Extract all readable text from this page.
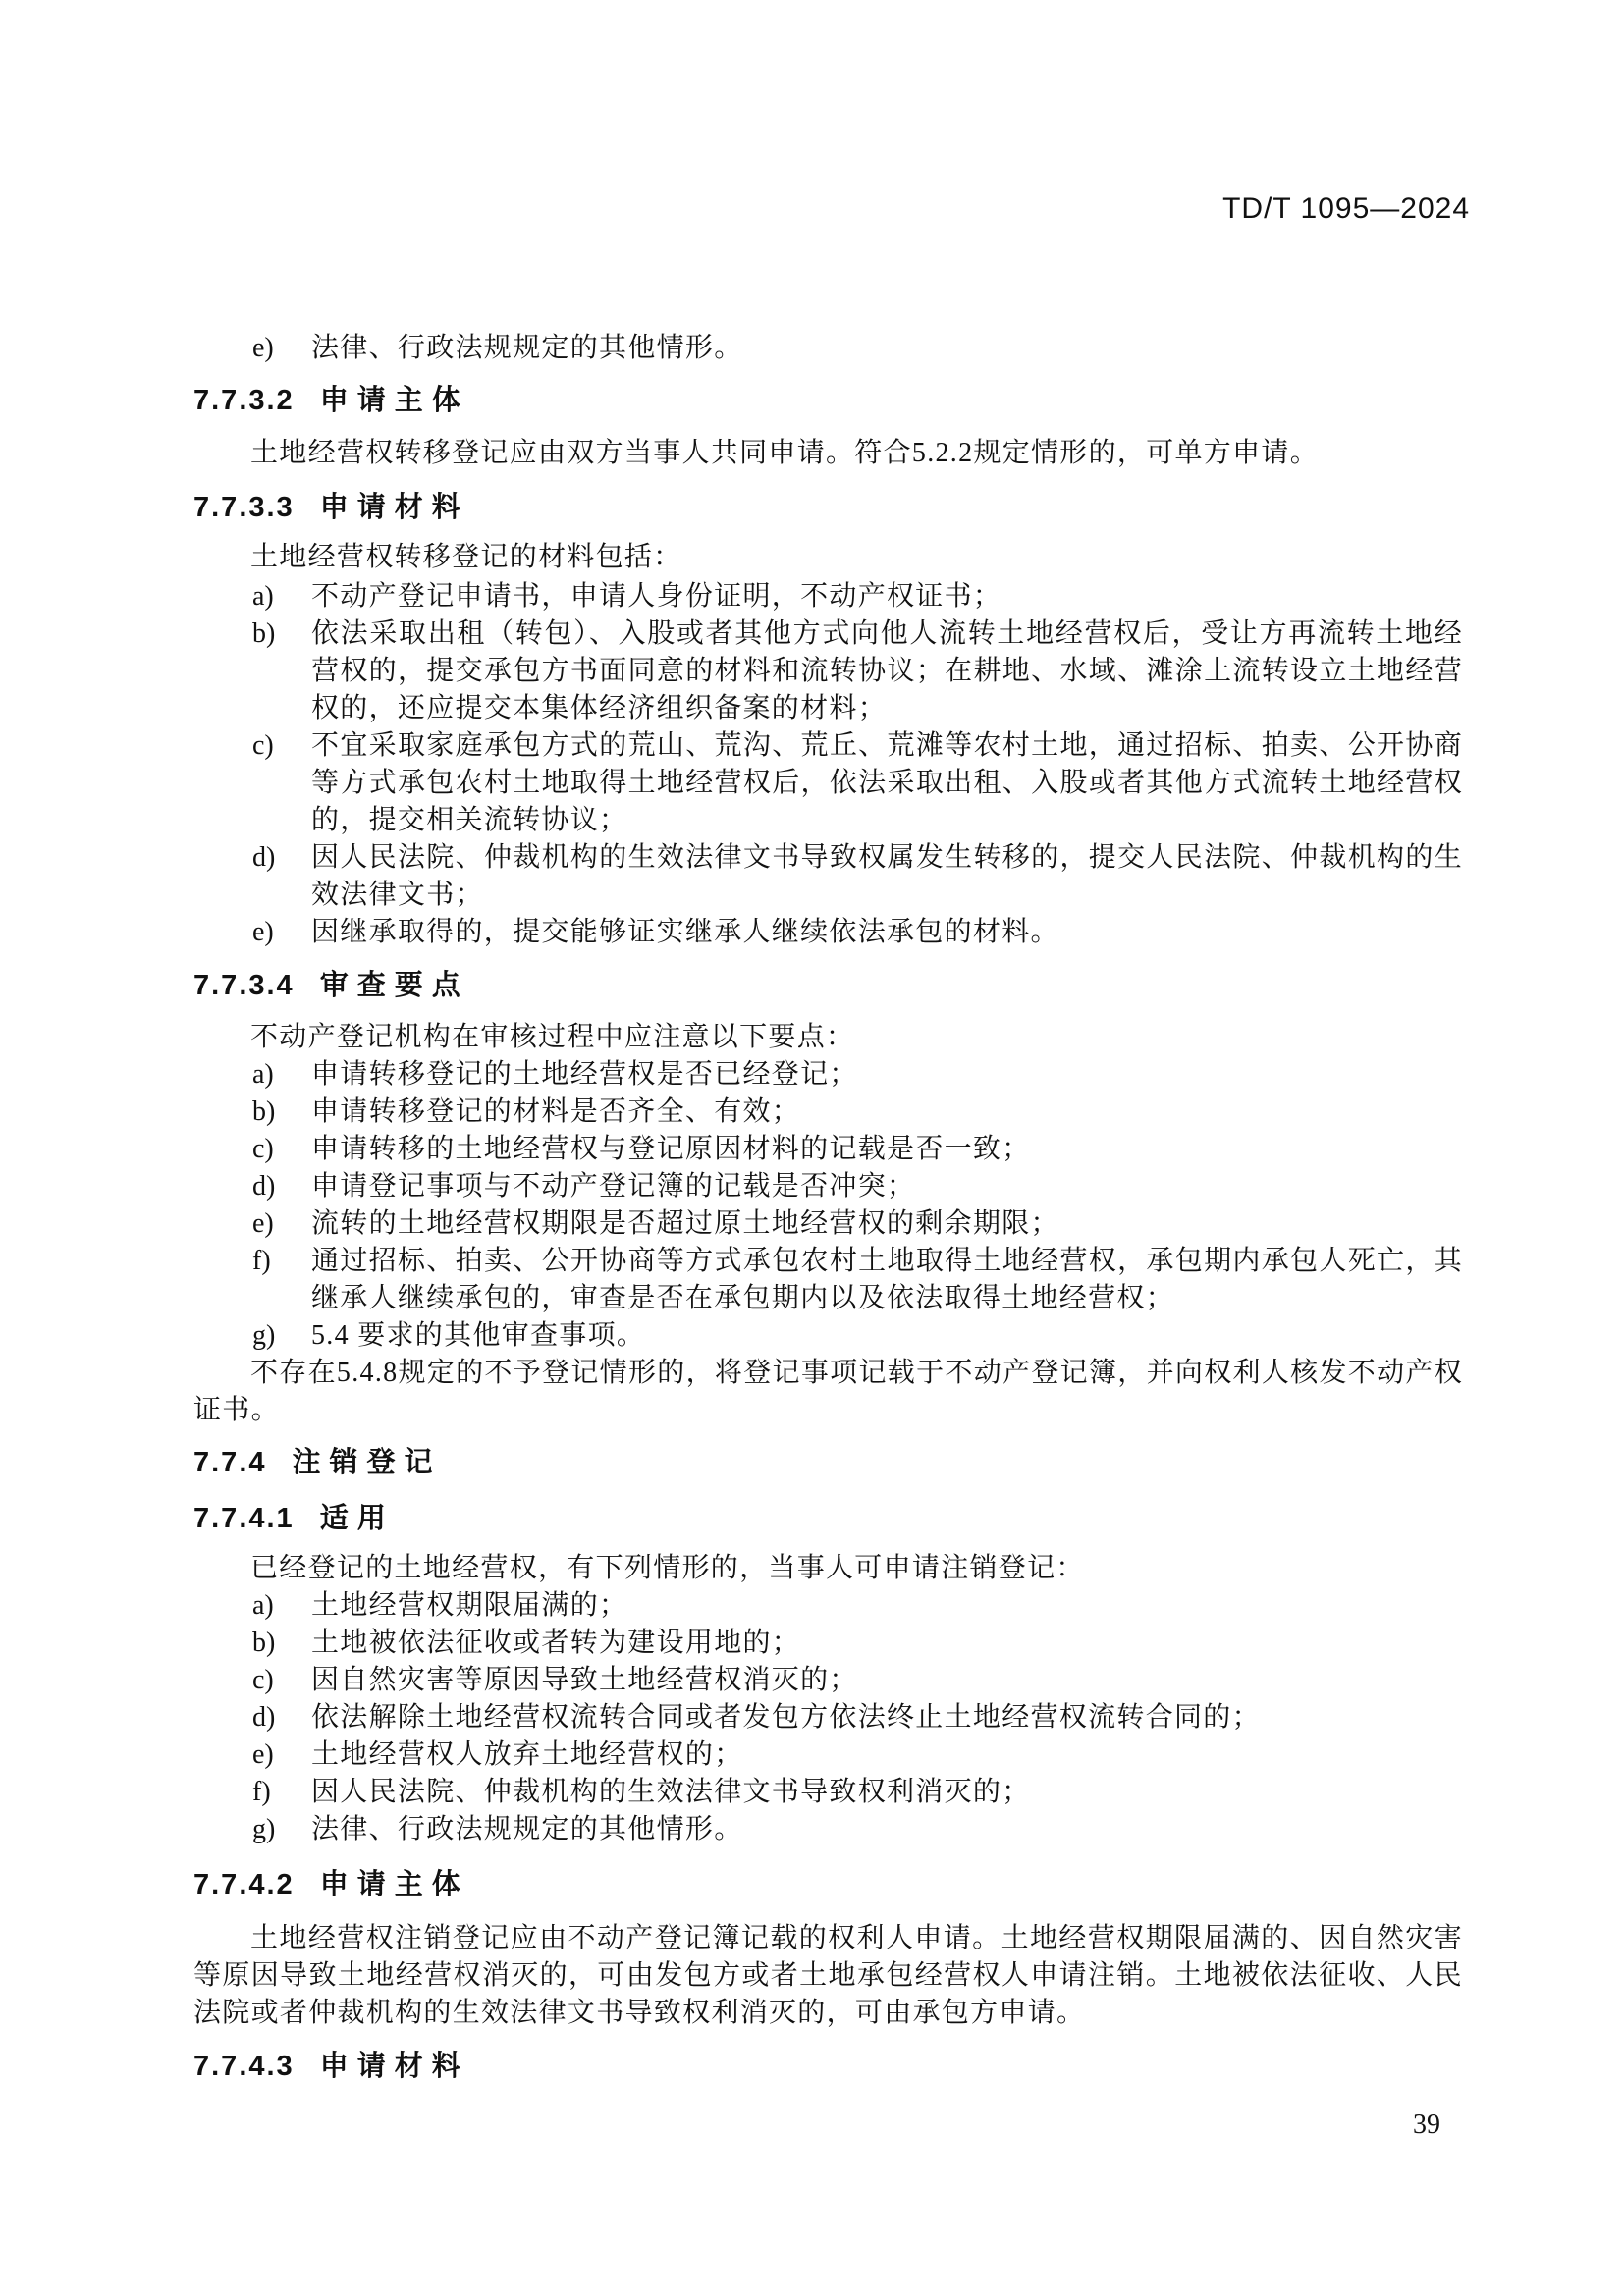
TD/T 1095—2024
e) 法律、行政法规规定的其他情形。
7.7.3.2 申请主体

土地经营权转移登记应由双方当事人共同申请。符合5.2.2规定情形的，可单方申请。

7.7.3.3 申请材料

土地经营权转移登记的材料包括：

a) 不动产登记申请书，申请人身份证明，不动产权证书；
b) 依法采取出租（转包）、入股或者其他方式向他人流转土地经营权后，受让方再流转土地经营权的，提交承包方书面同意的材料和流转协议；在耕地、水域、滩涂上流转设立土地经营权的，还应提交本集体经济组织备案的材料；
c) 不宜采取家庭承包方式的荒山、荒沟、荒丘、荒滩等农村土地，通过招标、拍卖、公开协商等方式承包农村土地取得土地经营权后，依法采取出租、入股或者其他方式流转土地经营权的，提交相关流转协议；
d) 因人民法院、仲裁机构的生效法律文书导致权属发生转移的，提交人民法院、仲裁机构的生效法律文书；
e) 因继承取得的，提交能够证实继承人继续依法承包的材料。
7.7.3.4 审查要点

不动产登记机构在审核过程中应注意以下要点：

a) 申请转移登记的土地经营权是否已经登记；
b) 申请转移登记的材料是否齐全、有效；
c) 申请转移的土地经营权与登记原因材料的记载是否一致；
d) 申请登记事项与不动产登记簿的记载是否冲突；
e) 流转的土地经营权期限是否超过原土地经营权的剩余期限；
f) 通过招标、拍卖、公开协商等方式承包农村土地取得土地经营权，承包期内承包人死亡，其继承人继续承包的，审查是否在承包期内以及依法取得土地经营权；
g) 5.4 要求的其他审查事项。

不存在5.4.8规定的不予登记情形的，将登记事项记载于不动产登记簿，并向权利人核发不动产权证书。

7.7.4 注销登记
7.7.4.1 适用

已经登记的土地经营权，有下列情形的，当事人可申请注销登记：

a) 土地经营权期限届满的；
b) 土地被依法征收或者转为建设用地的；
c) 因自然灾害等原因导致土地经营权消灭的；
d) 依法解除土地经营权流转合同或者发包方依法终止土地经营权流转合同的；
e) 土地经营权人放弃土地经营权的；
f) 因人民法院、仲裁机构的生效法律文书导致权利消灭的；
g) 法律、行政法规规定的其他情形。
7.7.4.2 申请主体

土地经营权注销登记应由不动产登记簿记载的权利人申请。土地经营权期限届满的、因自然灾害等原因导致土地经营权消灭的，可由发包方或者土地承包经营权人申请注销。土地被依法征收、人民法院或者仲裁机构的生效法律文书导致权利消灭的，可由承包方申请。

7.7.4.3 申请材料
39
